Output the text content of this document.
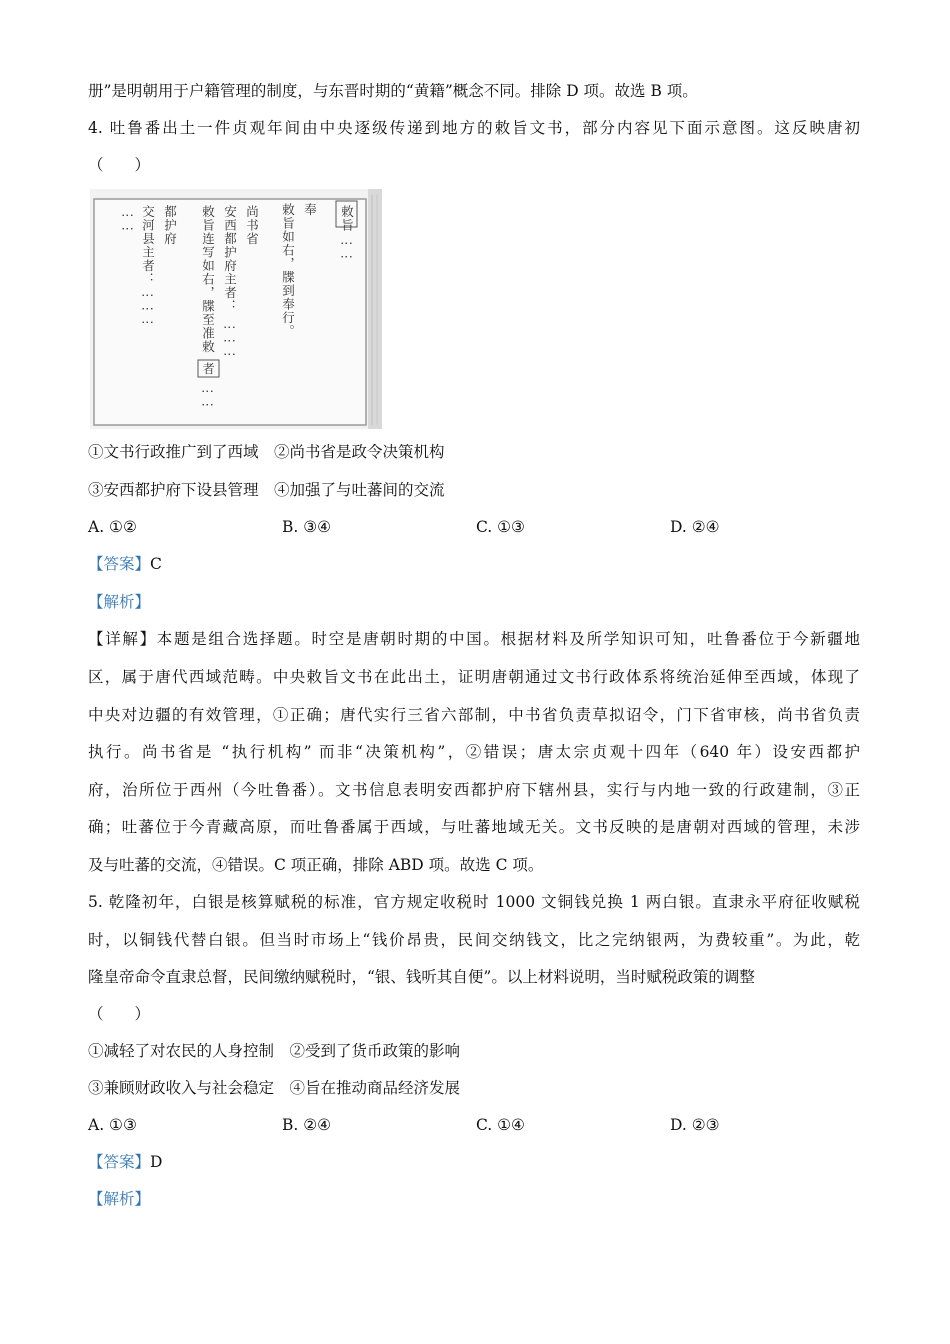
册”是明朝用于户籍管理的制度，与东晋时期的“黄籍”概念不同。排除 D 项。故选 B 项。
4. 吐鲁番出土一件贞观年间由中央逐级传递到地方的敕旨文书，部分内容见下面示意图。这反映唐初
（　　）
敕旨
⋮⋮
奉
敕旨如右，牒到奉行。
尚书省
安西都护府主者：
⋮⋮⋮
敕旨连写如右，牒至准敕
者
⋮⋮
都护府
交河县主者：
⋮⋮⋮
⋮⋮
①文书行政推广到了西域　②尚书省是政令决策机构
③安西都护府下设县管理　④加强了与吐蕃间的交流
A. ①②	B. ③④	C. ①③	D. ②④
【答案】C
【解析】
【详解】本题是组合选择题。时空是唐朝时期的中国。根据材料及所学知识可知，吐鲁番位于今新疆地
区，属于唐代西域范畴。中央敕旨文书在此出土，证明唐朝通过文书行政体系将统治延伸至西域，体现了
中央对边疆的有效管理，①正确；唐代实行三省六部制，中书省负责草拟诏令，门下省审核，尚书省负责
执行。尚书省是 “执行机构” 而非“决策机构”，②错误；唐太宗贞观十四年（640 年）设安西都护
府，治所位于西州（今吐鲁番）。文书信息表明安西都护府下辖州县，实行与内地一致的行政建制，③正
确；吐蕃位于今青藏高原，而吐鲁番属于西域，与吐蕃地域无关。文书反映的是唐朝对西域的管理，未涉
及与吐蕃的交流，④错误。C 项正确，排除 ABD 项。故选 C 项。
5. 乾隆初年，白银是核算赋税的标准，官方规定收税时 1000 文铜钱兑换 1 两白银。直隶永平府征收赋税
时，以铜钱代替白银。但当时市场上“钱价昂贵，民间交纳钱文，比之完纳银两，为费较重”。为此，乾
隆皇帝命令直隶总督，民间缴纳赋税时，“银、钱听其自便”。以上材料说明，当时赋税政策的调整
（　　）
①减轻了对农民的人身控制　②受到了货币政策的影响
③兼顾财政收入与社会稳定　④旨在推动商品经济发展
A. ①③	B. ②④	C. ①④	D. ②③
【答案】D
【解析】
